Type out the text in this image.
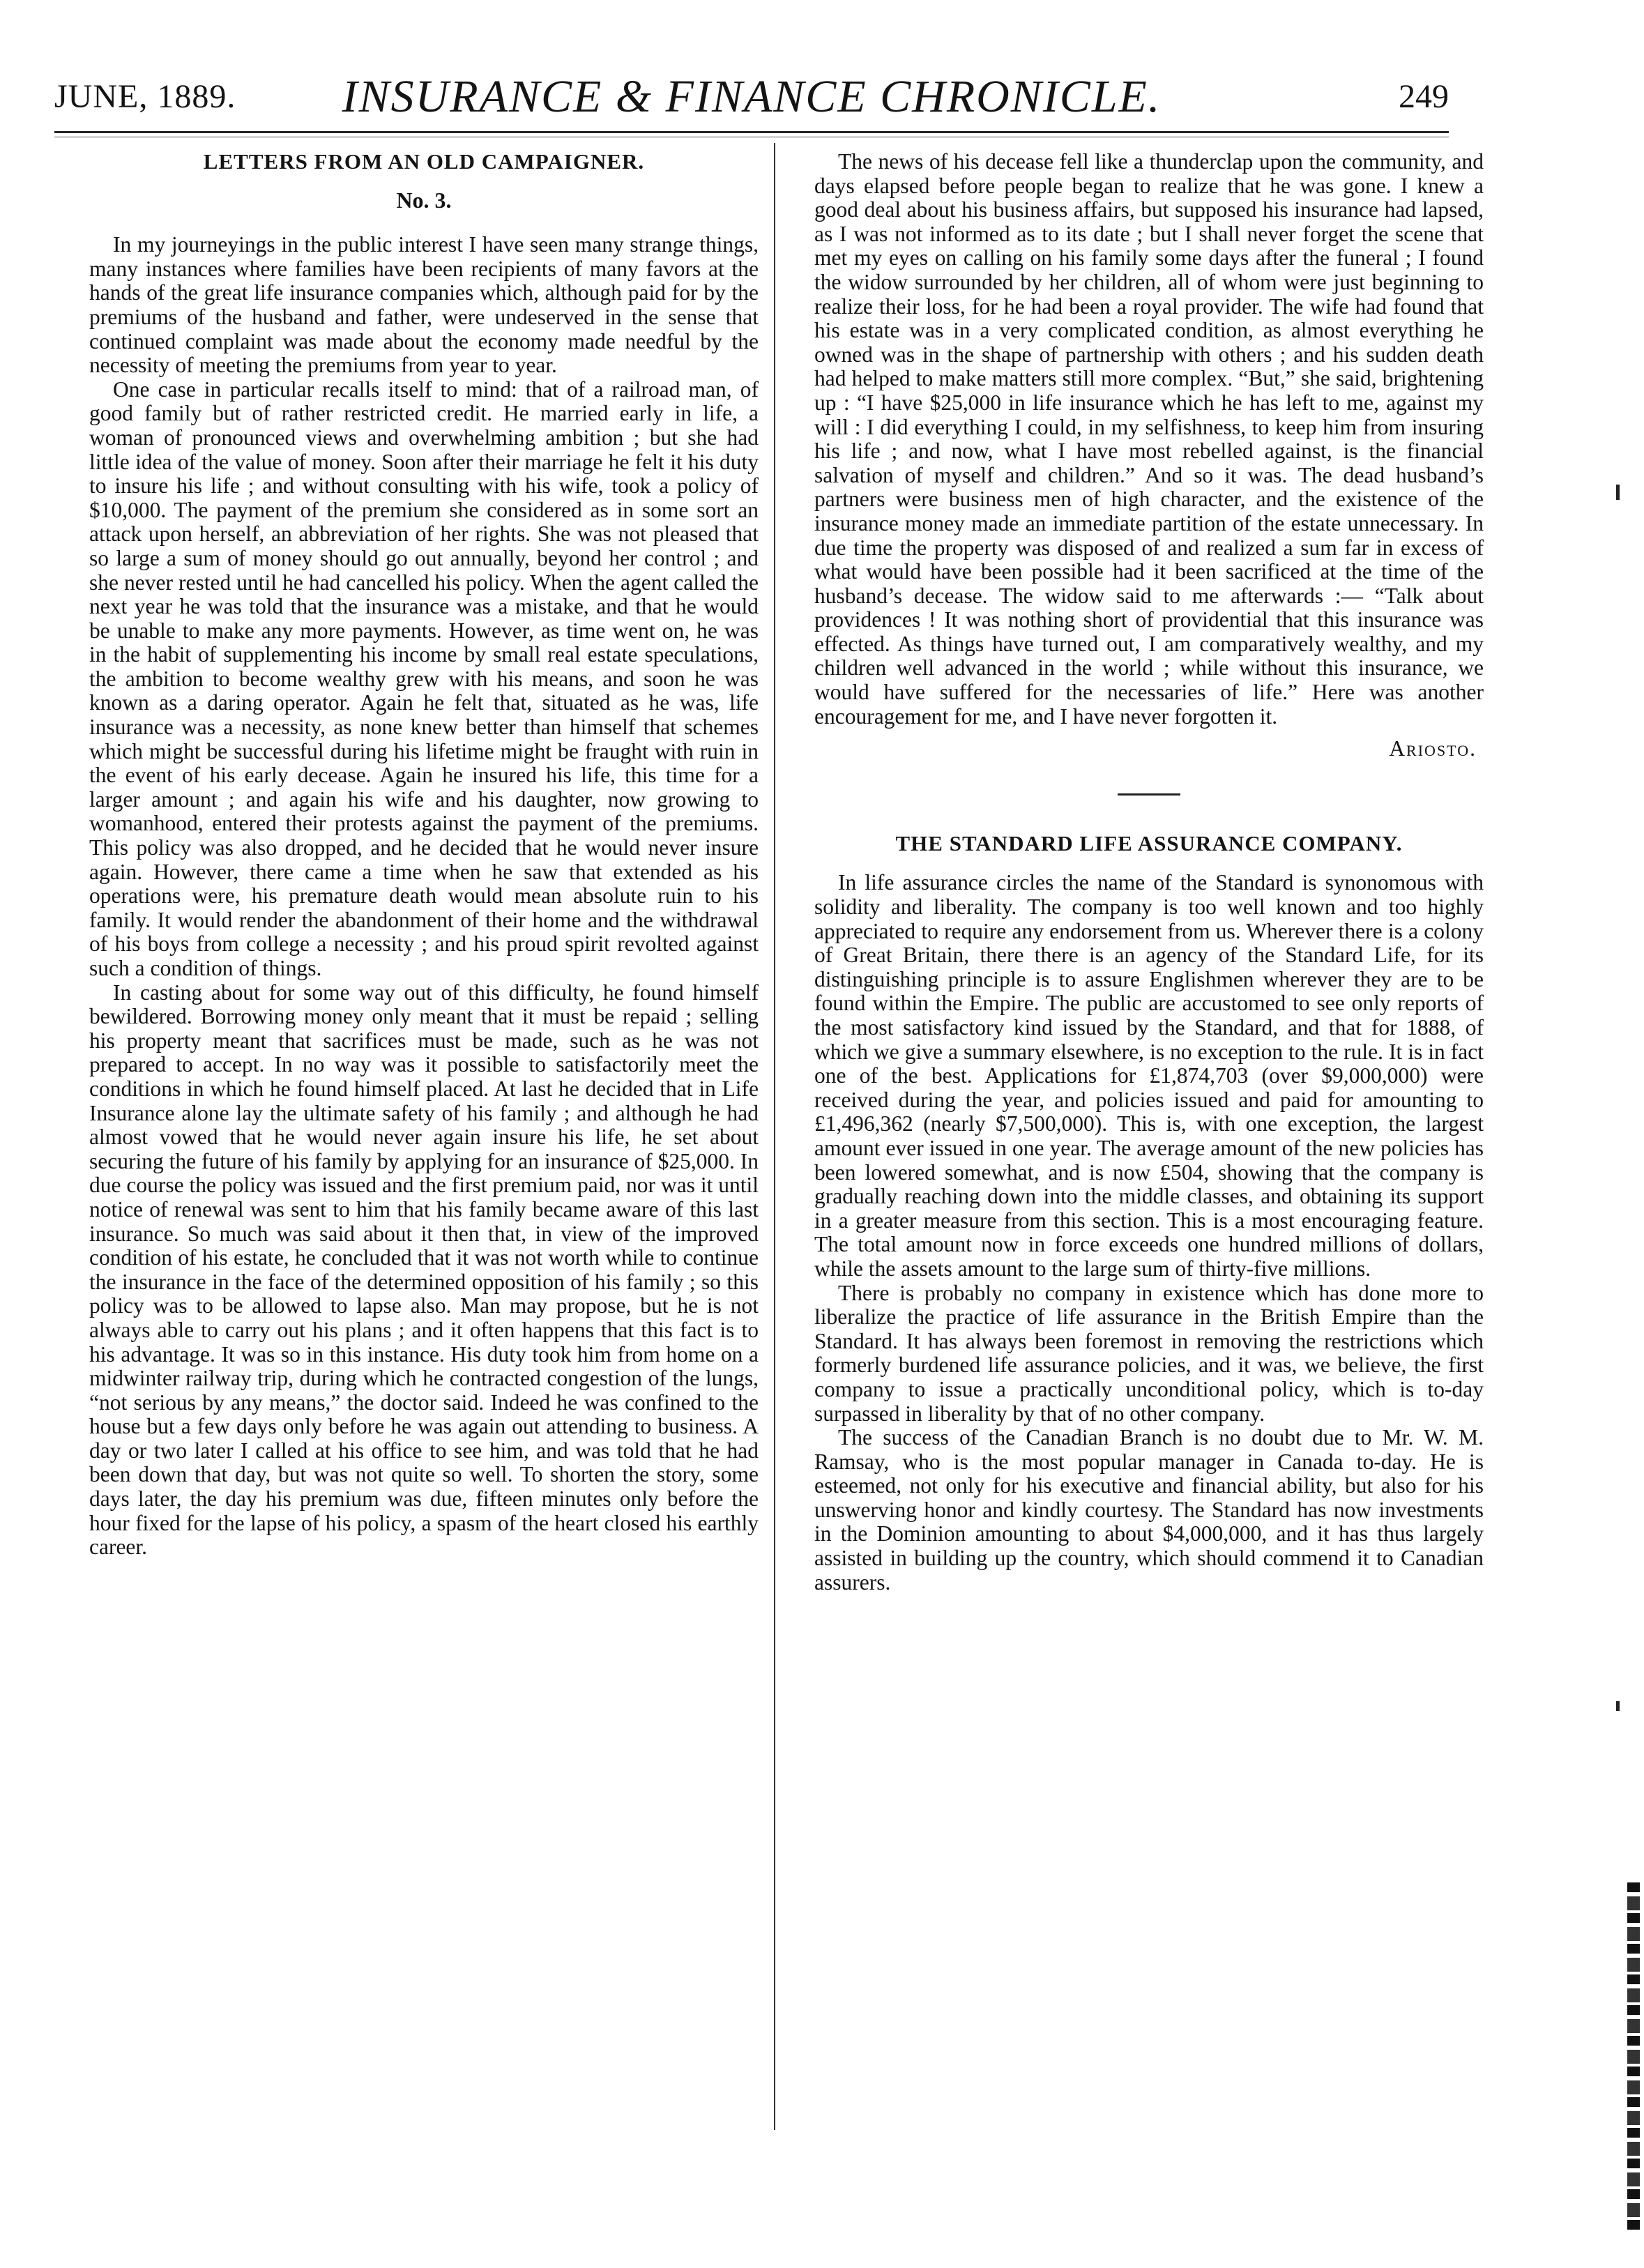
JUNE, 1889.	INSURANCE & FINANCE CHRONICLE.	249
LETTERS FROM AN OLD CAMPAIGNER.
No. 3.

In my journeyings in the public interest I have seen many strange things, many instances where families have been recipients of many favors at the hands of the great life insurance companies which, although paid for by the premiums of the husband and father, were undeserved in the sense that continued complaint was made about the economy made needful by the necessity of meeting the premiums from year to year.

One case in particular recalls itself to mind: that of a railroad man, of good family but of rather restricted credit. He married early in life, a woman of pronounced views and overwhelming ambition ; but she had little idea of the value of money. Soon after their marriage he felt it his duty to insure his life ; and without consulting with his wife, took a policy of $10,000. The payment of the premium she considered as in some sort an attack upon herself, an abbreviation of her rights. She was not pleased that so large a sum of money should go out annually, beyond her control ; and she never rested until he had cancelled his policy. When the agent called the next year he was told that the insurance was a mistake, and that he would be unable to make any more payments. However, as time went on, he was in the habit of supplementing his income by small real estate speculations, the ambition to become wealthy grew with his means, and soon he was known as a daring operator. Again he felt that, situated as he was, life insurance was a necessity, as none knew better than himself that schemes which might be successful during his lifetime might be fraught with ruin in the event of his early decease. Again he insured his life, this time for a larger amount ; and again his wife and his daughter, now growing to womanhood, entered their protests against the payment of the premiums. This policy was also dropped, and he decided that he would never insure again. However, there came a time when he saw that extended as his operations were, his premature death would mean absolute ruin to his family. It would render the abandonment of their home and the withdrawal of his boys from college a necessity ; and his proud spirit revolted against such a condition of things.

In casting about for some way out of this difficulty, he found himself bewildered. Borrowing money only meant that it must be repaid ; selling his property meant that sacrifices must be made, such as he was not prepared to accept. In no way was it possible to satisfactorily meet the conditions in which he found himself placed. At last he decided that in Life Insurance alone lay the ultimate safety of his family ; and although he had almost vowed that he would never again insure his life, he set about securing the future of his family by applying for an insurance of $25,000. In due course the policy was issued and the first premium paid, nor was it until notice of renewal was sent to him that his family became aware of this last insurance. So much was said about it then that, in view of the improved condition of his estate, he concluded that it was not worth while to continue the insurance in the face of the determined opposition of his family ; so this policy was to be allowed to lapse also. Man may propose, but he is not always able to carry out his plans ; and it often happens that this fact is to his advantage. It was so in this instance. His duty took him from home on a midwinter railway trip, during which he contracted congestion of the lungs, “not serious by any means,” the doctor said. Indeed he was confined to the house but a few days only before he was again out attending to business. A day or two later I called at his office to see him, and was told that he had been down that day, but was not quite so well. To shorten the story, some days later, the day his premium was due, fifteen minutes only before the hour fixed for the lapse of his policy, a spasm of the heart closed his earthly career.

The news of his decease fell like a thunderclap upon the community, and days elapsed before people began to realize that he was gone. I knew a good deal about his business affairs, but supposed his insurance had lapsed, as I was not informed as to its date ; but I shall never forget the scene that met my eyes on calling on his family some days after the funeral ; I found the widow surrounded by her children, all of whom were just beginning to realize their loss, for he had been a royal provider. The wife had found that his estate was in a very complicated condition, as almost everything he owned was in the shape of partnership with others ; and his sudden death had helped to make matters still more complex. “But,” she said, brightening up : “I have $25,000 in life insurance which he has left to me, against my will : I did everything I could, in my selfishness, to keep him from insuring his life ; and now, what I have most rebelled against, is the financial salvation of myself and children.” And so it was. The dead husband’s partners were business men of high character, and the existence of the insurance money made an immediate partition of the estate unnecessary. In due time the property was disposed of and realized a sum far in excess of what would have been possible had it been sacrificed at the time of the husband’s decease. The widow said to me afterwards :— “Talk about providences ! It was nothing short of providential that this insurance was effected. As things have turned out, I am comparatively wealthy, and my children well advanced in the world ; while without this insurance, we would have suffered for the necessaries of life.” Here was another encouragement for me, and I have never forgotten it.

Ariosto.
THE STANDARD LIFE ASSURANCE COMPANY.

In life assurance circles the name of the Standard is synonomous with solidity and liberality. The company is too well known and too highly appreciated to require any endorsement from us. Wherever there is a colony of Great Britain, there there is an agency of the Standard Life, for its distinguishing principle is to assure Englishmen wherever they are to be found within the Empire. The public are accustomed to see only reports of the most satisfactory kind issued by the Standard, and that for 1888, of which we give a summary elsewhere, is no exception to the rule. It is in fact one of the best. Applications for £1,874,703 (over $9,000,000) were received during the year, and policies issued and paid for amounting to £1,496,362 (nearly $7,500,000). This is, with one exception, the largest amount ever issued in one year. The average amount of the new policies has been lowered somewhat, and is now £504, showing that the company is gradually reaching down into the middle classes, and obtaining its support in a greater measure from this section. This is a most encouraging feature. The total amount now in force exceeds one hundred millions of dollars, while the assets amount to the large sum of thirty-five millions.

There is probably no company in existence which has done more to liberalize the practice of life assurance in the British Empire than the Standard. It has always been foremost in removing the restrictions which formerly burdened life assurance policies, and it was, we believe, the first company to issue a practically unconditional policy, which is to-day surpassed in liberality by that of no other company.

The success of the Canadian Branch is no doubt due to Mr. W. M. Ramsay, who is the most popular manager in Canada to-day. He is esteemed, not only for his executive and financial ability, but also for his unswerving honor and kindly courtesy. The Standard has now investments in the Dominion amounting to about $4,000,000, and it has thus largely assisted in building up the country, which should commend it to Canadian assurers.
